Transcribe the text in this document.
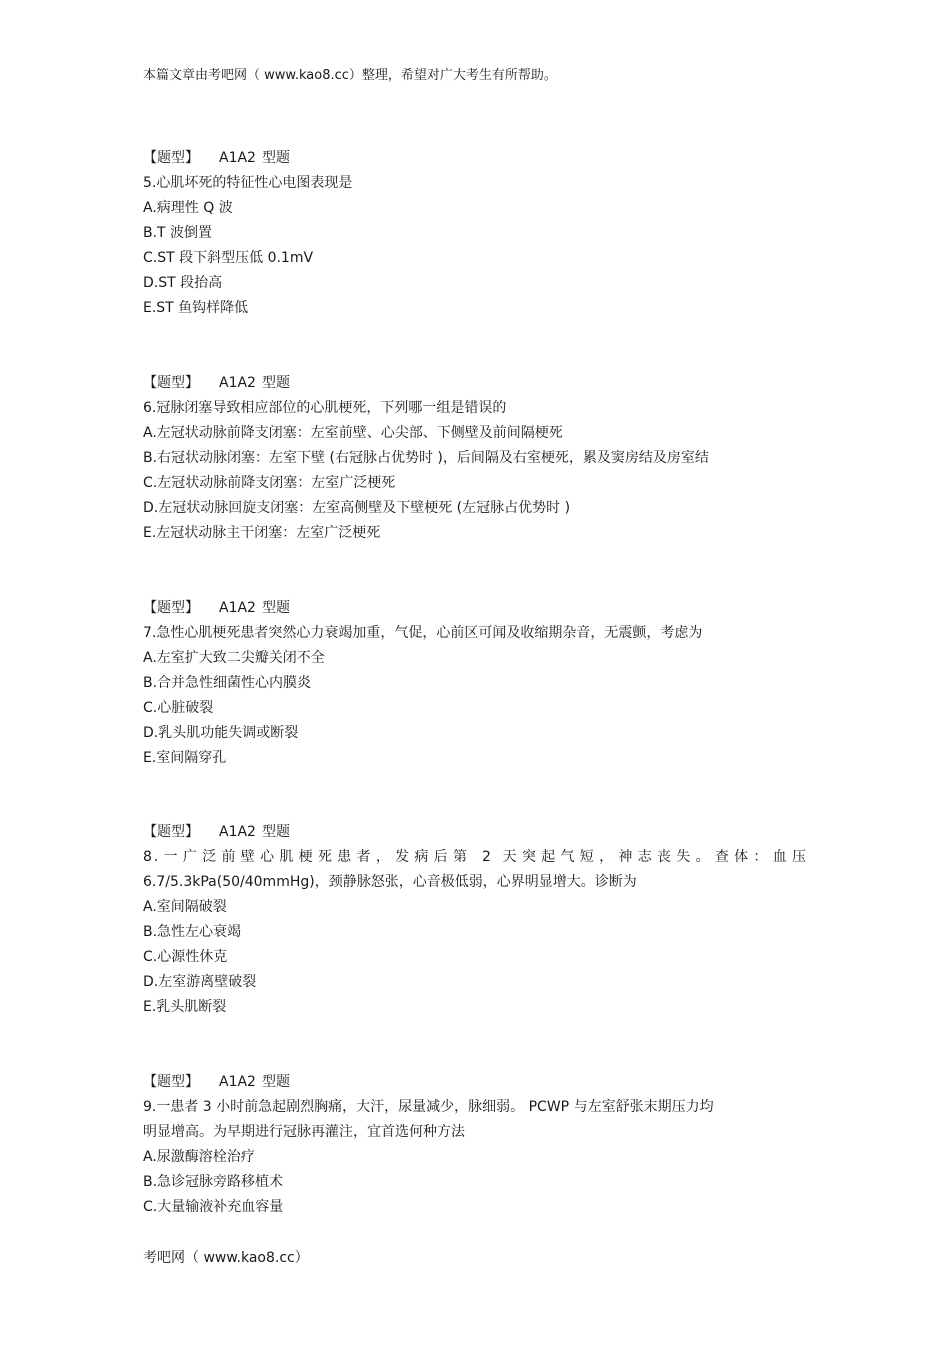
本篇文章由考吧网（ www.kao8.cc）整理，希望对广大考生有所帮助。
【题型】 A1A2 型题
5.心肌坏死的特征性心电图表现是
A.病理性 Q 波
B.T 波倒置
C.ST 段下斜型压低 0.1mV
D.ST 段抬高
E.ST 鱼钩样降低
【题型】 A1A2 型题
6.冠脉闭塞导致相应部位的心肌梗死，下列哪一组是错误的
A.左冠状动脉前降支闭塞：左室前壁、心尖部、下侧壁及前间隔梗死
B.右冠状动脉闭塞：左室下壁 (右冠脉占优势时 )，后间隔及右室梗死，累及窦房结及房室结
C.左冠状动脉前降支闭塞：左室广泛梗死
D.左冠状动脉回旋支闭塞：左室高侧壁及下壁梗死 (左冠脉占优势时 )
E.左冠状动脉主干闭塞：左室广泛梗死
【题型】 A1A2 型题
7.急性心肌梗死患者突然心力衰竭加重，气促，心前区可闻及收缩期杂音，无震颤，考虑为
A.左室扩大致二尖瓣关闭不全
B.合并急性细菌性心内膜炎
C.心脏破裂
D.乳头肌功能失调或断裂
E.室间隔穿孔
【题型】 A1A2 型题
8.一广泛前壁心肌梗死患者，发病后第 2 天突起气短，神志丧失。查体：血压
6.7/5.3kPa(50/40mmHg)，颈静脉怒张，心音极低弱，心界明显增大。诊断为
A.室间隔破裂
B.急性左心衰竭
C.心源性休克
D.左室游离壁破裂
E.乳头肌断裂
【题型】 A1A2 型题
9.一患者 3 小时前急起剧烈胸痛，大汗，尿量减少，脉细弱。 PCWP 与左室舒张末期压力均
明显增高。为早期进行冠脉再灌注，宜首选何种方法
A.尿激酶溶栓治疗
B.急诊冠脉旁路移植术
C.大量输液补充血容量
考吧网（ www.kao8.cc）
